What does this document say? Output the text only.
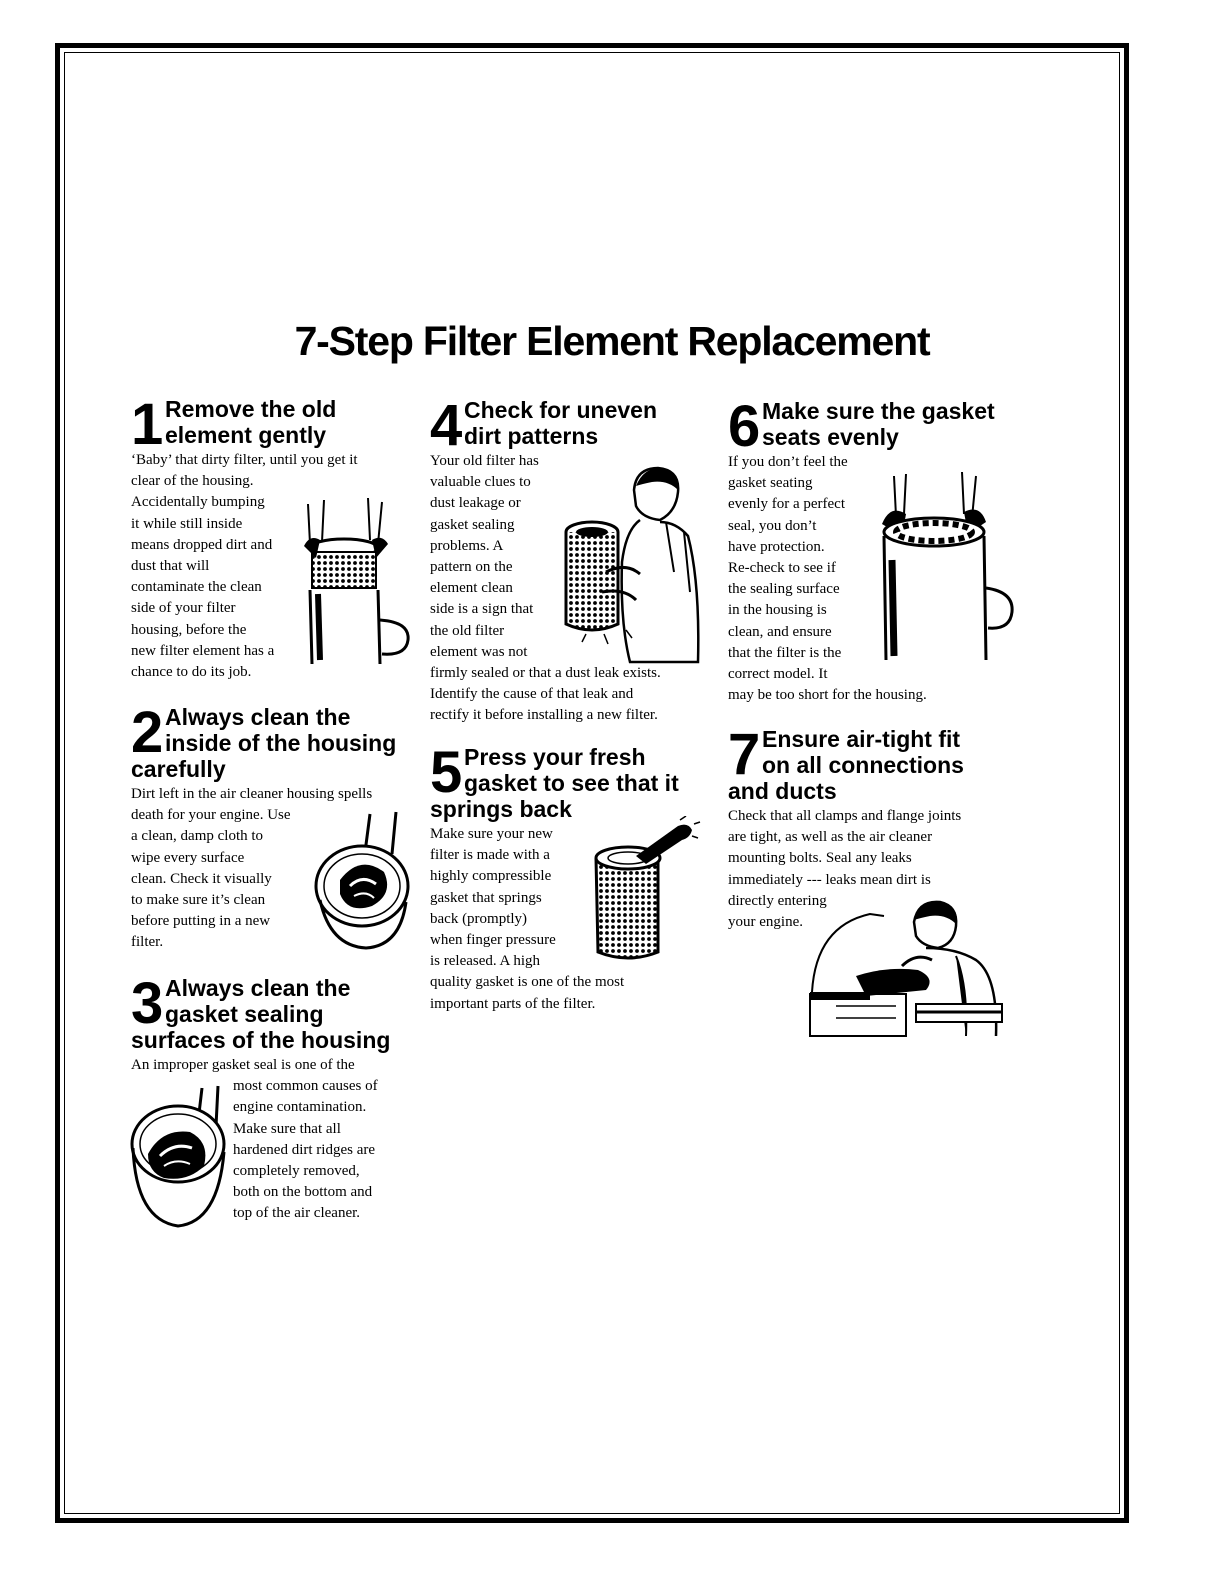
7-Step Filter Element Replacement
1 Remove the old
element gently

‘Baby’ that dirty filter, until you get it
clear of the housing.
Accidentally bumping
it while still inside
means dropped dirt and
dust that will
contaminate the clean
side of your filter
housing, before the
new filter element has a
chance to do its job.

2 Always clean the
inside of the housing
carefully

Dirt left in the air cleaner housing spells
death for your engine. Use
a clean, damp cloth to
wipe every surface
clean. Check it visually
to make sure it’s clean
before putting in a new
filter.

3 Always clean the
gasket sealing
surfaces of the housing

An improper gasket seal is one of the
most common causes of
engine contamination.
Make sure that all
hardened dirt ridges are
completely removed,
both on the bottom and
top of the air cleaner.

4 Check for uneven
dirt patterns

Your old filter has
valuable clues to
dust leakage or
gasket sealing
problems. A
pattern on the
element clean
side is a sign that
the old filter
element was not
firmly sealed or that a dust leak exists.
Identify the cause of that leak and
rectify it before installing a new filter.

5 Press your fresh
gasket to see that it
springs back

Make sure your new
filter is made with a
highly compressible
gasket that springs
back (promptly)
when finger pressure
is released. A high
quality gasket is one of the most
important parts of the filter.

6 Make sure the gasket
seats evenly

If you don’t feel the
gasket seating
evenly for a perfect
seal, you don’t
have protection.
Re-check to see if
the sealing surface
in the housing is
clean, and ensure
that the filter is the
correct model. It
may be too short for the housing.

7 Ensure air-tight fit
on all connections
and ducts

Check that all clamps and flange joints
are tight, as well as the air cleaner
mounting bolts. Seal any leaks
immediately --- leaks mean dirt is
directly entering
your engine.
